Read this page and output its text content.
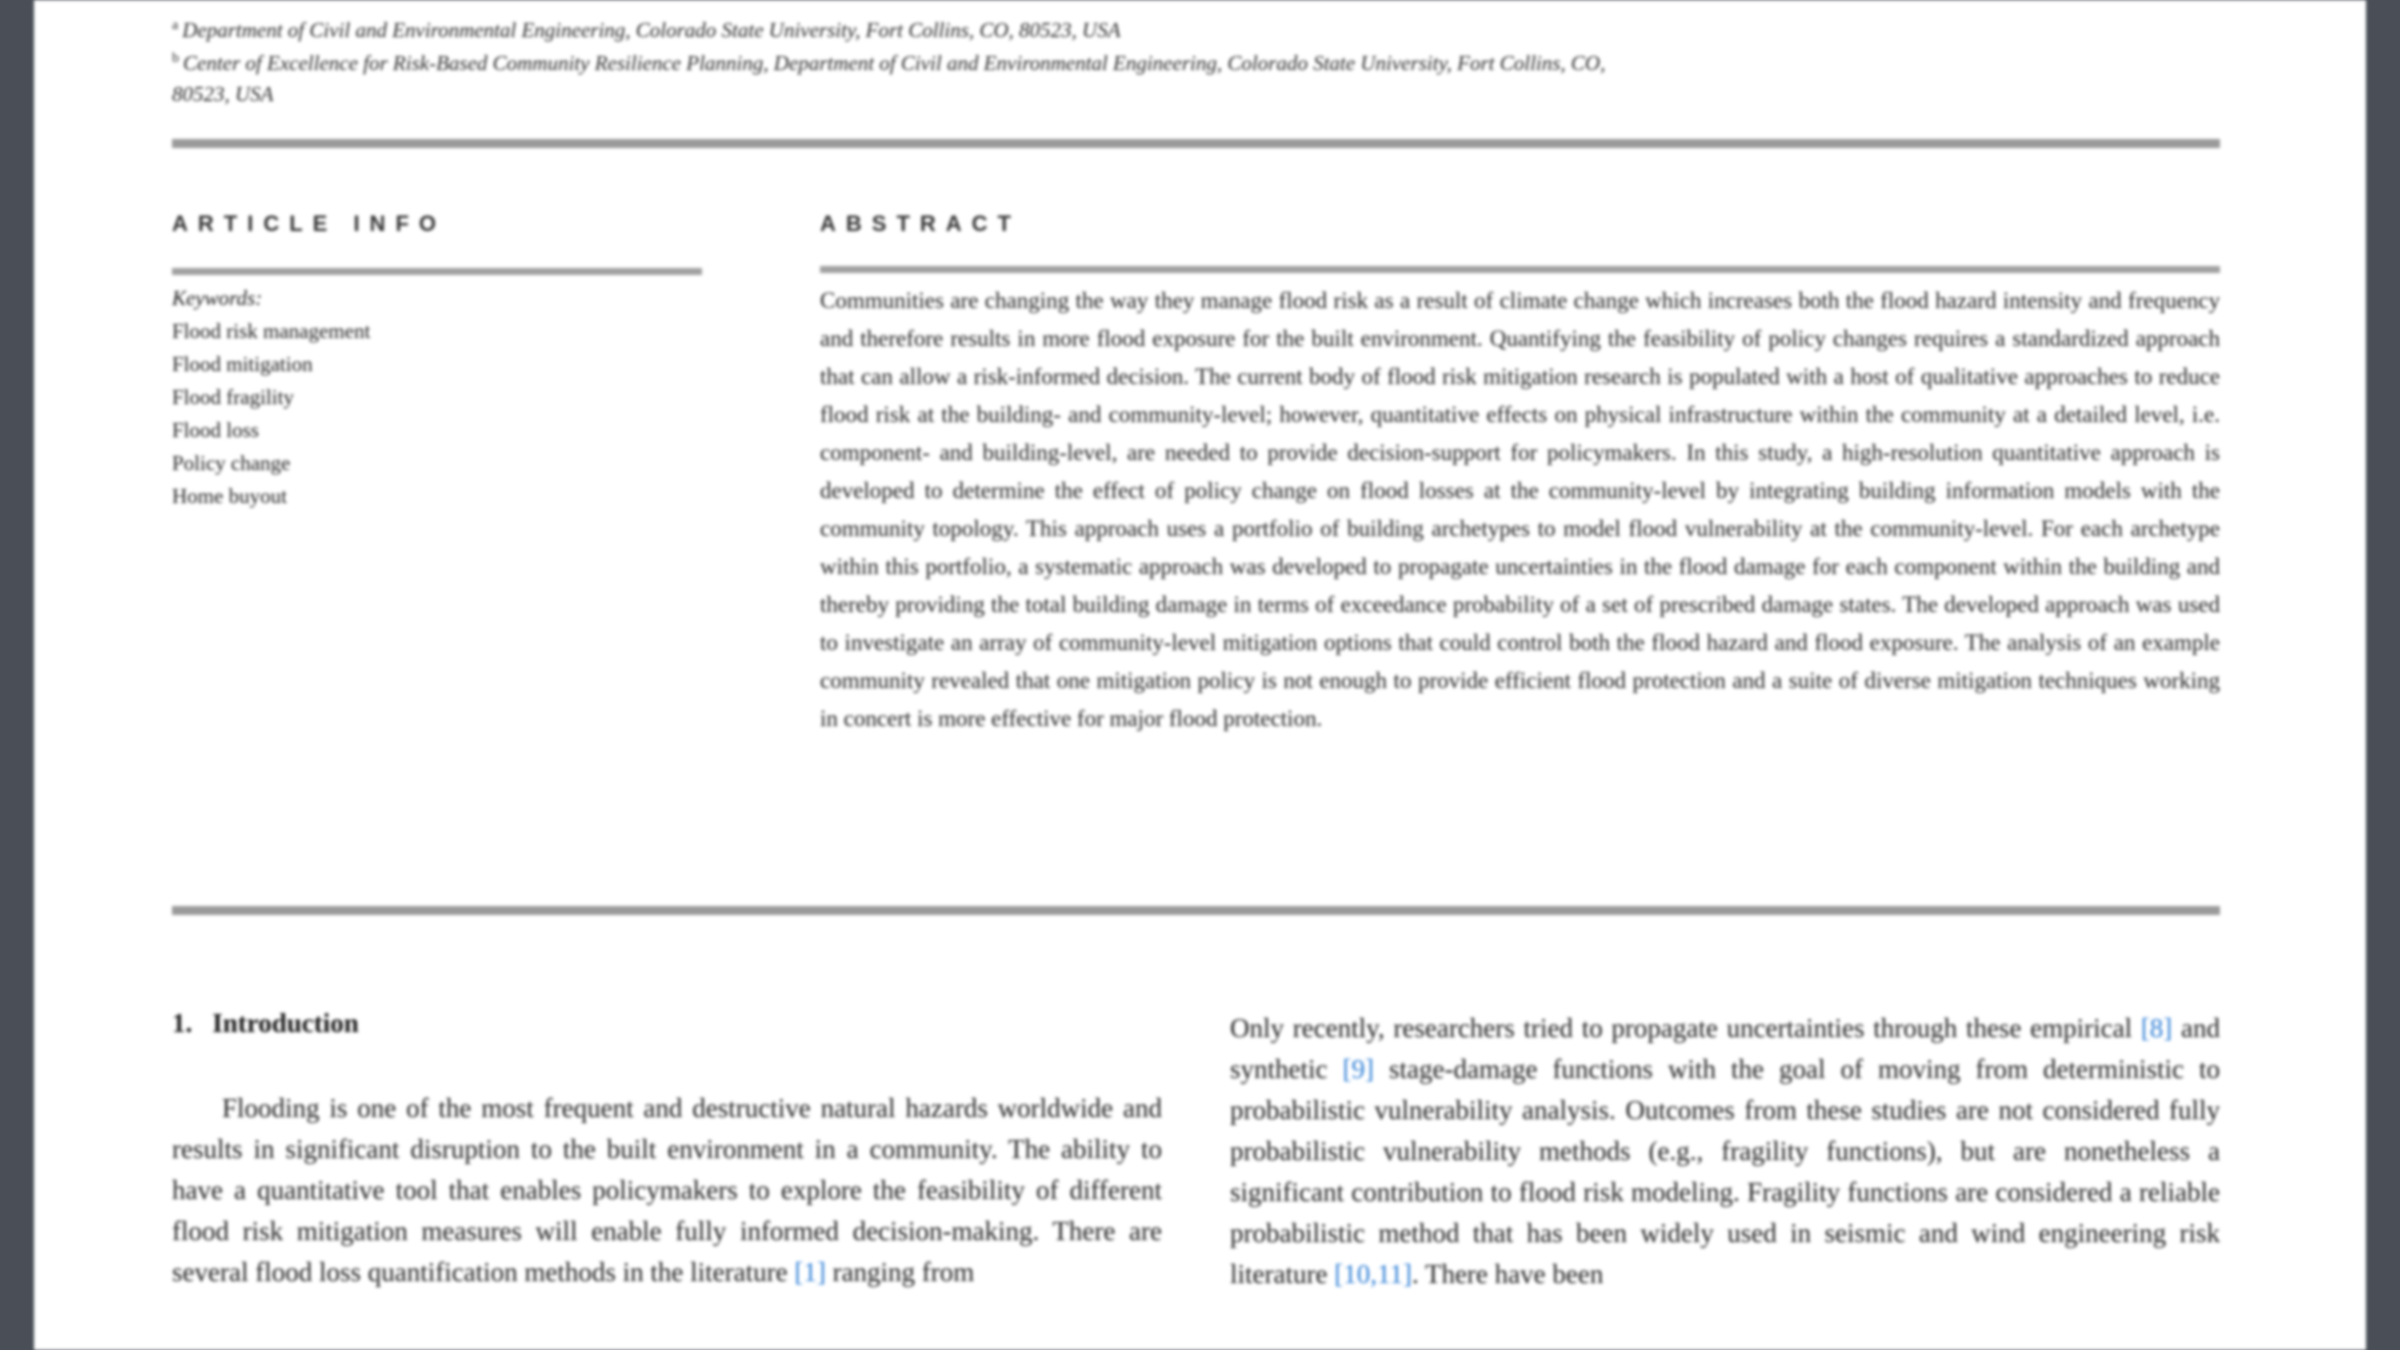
$^a$ Department of Civil and Environmental Engineering, Colorado State University, Fort Collins, CO, 80523, USA
$^b$ Center of Excellence for Risk-Based Community Resilience Planning, Department of Civil and Environmental Engineering, Colorado State University, Fort Collins, CO,
80523, USA
ARTICLE INFO	ABSTRACT
Keywords:
Flood risk management
Flood mitigation
Flood fragility
Flood loss
Policy change
Home buyout
Communities are changing the way they manage flood risk as a result of climate change which increases both the flood hazard intensity and frequency and therefore results in more flood exposure for the built environment. Quantifying the feasibility of policy changes requires a standardized approach that can allow a risk-informed decision. The current body of flood risk mitigation research is populated with a host of qualitative approaches to reduce flood risk at the building- and community-level; however, quantitative effects on physical infrastructure within the community at a detailed level, i.e. component- and building-level, are needed to provide decision-support for policymakers. In this study, a high-resolution quantitative approach is developed to determine the effect of policy change on flood losses at the community-level by integrating building information models with the community topology. This approach uses a portfolio of building archetypes to model flood vulnerability at the community-level. For each archetype within this portfolio, a systematic approach was developed to propagate uncertainties in the flood damage for each component within the building and thereby providing the total building damage in terms of exceedance probability of a set of prescribed damage states. The developed approach was used to investigate an array of community-level mitigation options that could control both the flood hazard and flood exposure. The analysis of an example community revealed that one mitigation policy is not enough to provide efficient flood protection and a suite of diverse mitigation techniques working in concert is more effective for major flood protection.
1. Introduction
Flooding is one of the most frequent and destructive natural hazards worldwide and results in significant disruption to the built environment in a community. The ability to have a quantitative tool that enables policymakers to explore the feasibility of different flood risk mitigation measures will enable fully informed decision-making. There are several flood loss quantification methods in the literature [1] ranging from
Only recently, researchers tried to propagate uncertainties through these empirical [8] and synthetic [9] stage-damage functions with the goal of moving from deterministic to probabilistic vulnerability analysis. Outcomes from these studies are not considered fully probabilistic vulnerability methods (e.g., fragility functions), but are nonetheless a significant contribution to flood risk modeling. Fragility functions are considered a reliable probabilistic method that has been widely used in seismic and wind engineering risk literature [10,11]. There have been
